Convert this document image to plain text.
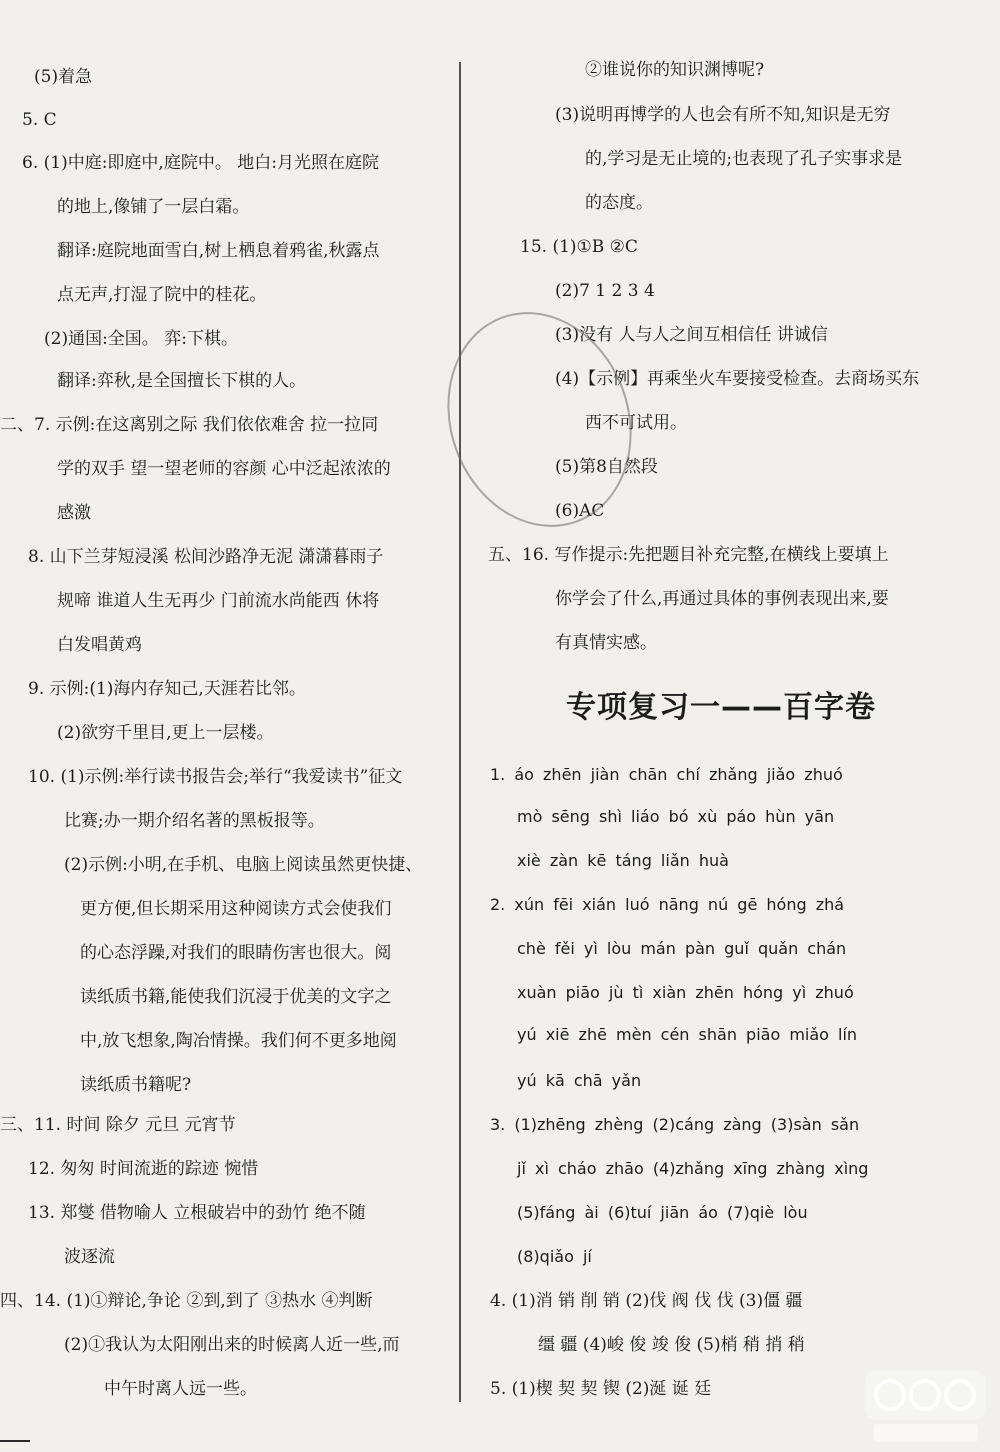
(5)着急
5. C
6. (1)中庭:即庭中,庭院中。 地白:月光照在庭院
的地上,像铺了一层白霜。
翻译:庭院地面雪白,树上栖息着鸦雀,秋露点
点无声,打湿了院中的桂花。
(2)通国:全国。 弈:下棋。
翻译:弈秋,是全国擅长下棋的人。
二、7. 示例:在这离别之际 我们依依难舍 拉一拉同
学的双手 望一望老师的容颜 心中泛起浓浓的
感激
8. 山下兰芽短浸溪 松间沙路净无泥 潇潇暮雨子
规啼 谁道人生无再少 门前流水尚能西 休将
白发唱黄鸡
9. 示例:(1)海内存知己,天涯若比邻。
(2)欲穷千里目,更上一层楼。
10. (1)示例:举行读书报告会;举行“我爱读书”征文
比赛;办一期介绍名著的黑板报等。
(2)示例:小明,在手机、电脑上阅读虽然更快捷、
更方便,但长期采用这种阅读方式会使我们
的心态浮躁,对我们的眼睛伤害也很大。阅
读纸质书籍,能使我们沉浸于优美的文字之
中,放飞想象,陶冶情操。我们何不更多地阅
读纸质书籍呢?
三、11. 时间 除夕 元旦 元宵节
12. 匆匆 时间流逝的踪迹 惋惜
13. 郑燮 借物喻人 立根破岩中的劲竹 绝不随
波逐流
四、14. (1)①辩论,争论 ②到,到了 ③热水 ④判断
(2)①我认为太阳刚出来的时候离人近一些,而
中午时离人远一些。
专项复习一——百字卷
②谁说你的知识渊博呢?
(3)说明再博学的人也会有所不知,知识是无穷
的,学习是无止境的;也表现了孔子实事求是
的态度。
15. (1)①B ②C
(2)7 1 2 3 4
(3)没有 人与人之间互相信任 讲诚信
(4)【示例】再乘坐火车要接受检查。去商场买东
西不可试用。
(5)第8自然段
(6)AC
五、16. 写作提示:先把题目补充完整,在横线上要填上
你学会了什么,再通过具体的事例表现出来,要
有真情实感。
1. áo zhēn jiàn chān chí zhǎng jiǎo zhuó
mò sēng shì liáo bó xù páo hùn yān
xiè zàn kē táng liǎn huà
2. xún fēi xián luó nāng nú gē hóng zhá
chè fěi yì lòu mán pàn guǐ quǎn chán
xuàn piāo jù tì xiàn zhēn hóng yì zhuó
yú xiē zhē mèn cén shān piāo miǎo lín
yú kā chā yǎn
3. (1)zhēng zhèng (2)cáng zàng (3)sàn sǎn
jǐ xì cháo zhāo (4)zhǎng xīng zhàng xìng
(5)fáng ài (6)tuí jiān áo (7)qiè lòu
(8)qiǎo jí
4. (1)消 销 削 销 (2)伐 阀 伐 伐 (3)僵 疆
缰 疆 (4)峻 俊 竣 俊 (5)梢 稍 捎 稍
5. (1)楔 契 契 锲 (2)涎 诞 廷
